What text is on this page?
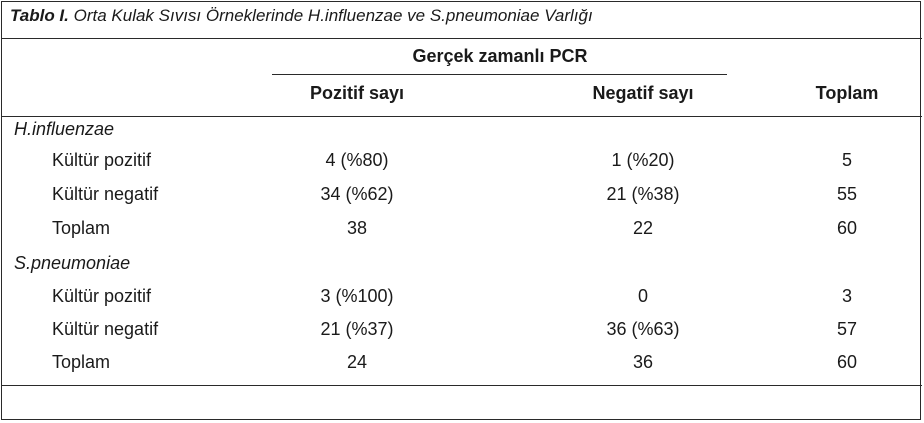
Tablo I. Orta Kulak Sıvısı Örneklerinde H.influenzae ve S.pneumoniae Varlığı
Gerçek zamanlı PCR
Pozitif sayı	Negatif sayı	Toplam
H.influenzae
Kültür pozitif	4 (%80)	1 (%20)	5
Kültür negatif	34 (%62)	21 (%38)	55
Toplam	38	22	60
S.pneumoniae
Kültür pozitif	3 (%100)	0	3
Kültür negatif	21 (%37)	36 (%63)	57
Toplam	24	36	60
